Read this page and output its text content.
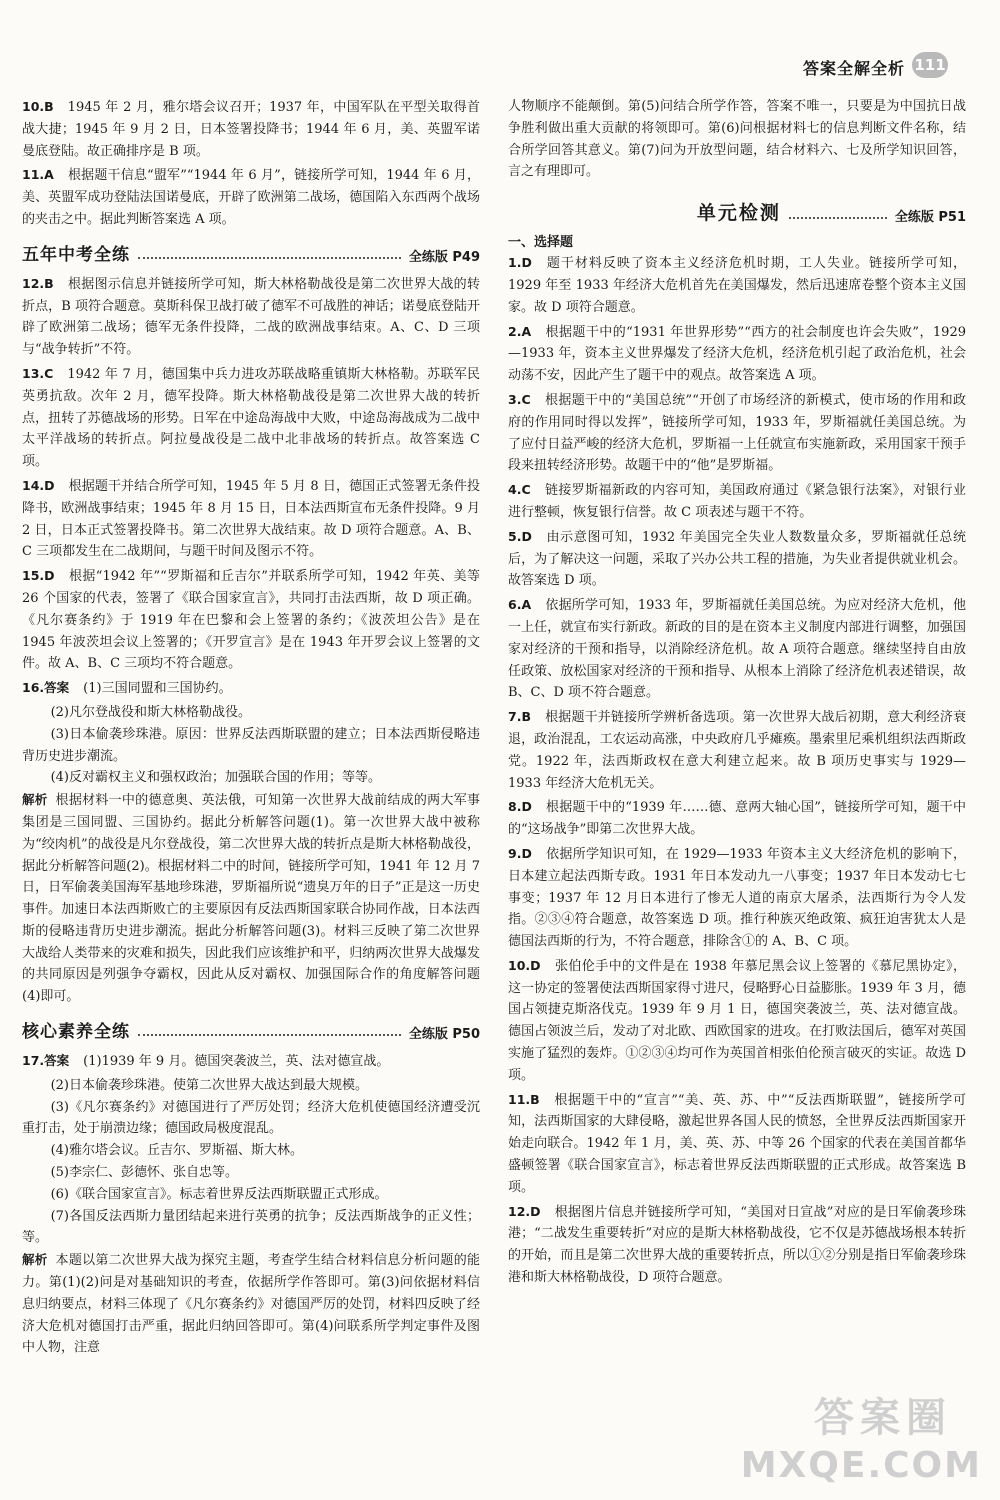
答案全解全析 111

10.B 1945 年 2 月，雅尔塔会议召开；1937 年，中国军队在平型关取得首战大捷；1945 年 9 月 2 日，日本签署投降书；1944 年 6 月，美、英盟军诺曼底登陆。故正确排序是 B 项。

11.A 根据题干信息“盟军”“1944 年 6 月”，链接所学可知，1944 年 6 月，美、英盟军成功登陆法国诺曼底，开辟了欧洲第二战场，德国陷入东西两个战场的夹击之中。据此判断答案选 A 项。

五年中考全练	全练版 P49

12.B 根据图示信息并链接所学可知，斯大林格勒战役是第二次世界大战的转折点，B 项符合题意。莫斯科保卫战打破了德军不可战胜的神话；诺曼底登陆开辟了欧洲第二战场；德军无条件投降，二战的欧洲战事结束。A、C、D 三项与“战争转折”不符。

13.C 1942 年 7 月，德国集中兵力进攻苏联战略重镇斯大林格勒。苏联军民英勇抗敌。次年 2 月，德军投降。斯大林格勒战役是第二次世界大战的转折点，扭转了苏德战场的形势。日军在中途岛海战中大败，中途岛海战成为二战中太平洋战场的转折点。阿拉曼战役是二战中北非战场的转折点。故答案选 C 项。

14.D 根据题干并结合所学可知，1945 年 5 月 8 日，德国正式签署无条件投降书，欧洲战事结束；1945 年 8 月 15 日，日本法西斯宣布无条件投降。9 月 2 日，日本正式签署投降书。第二次世界大战结束。故 D 项符合题意。A、B、C 三项都发生在二战期间，与题干时间及图示不符。

15.D 根据“1942 年”“罗斯福和丘吉尔”并联系所学可知，1942 年英、美等 26 个国家的代表，签署了《联合国家宣言》，共同打击法西斯，故 D 项正确。《凡尔赛条约》于 1919 年在巴黎和会上签署的条约；《波茨坦公告》是在 1945 年波茨坦会议上签署的；《开罗宣言》是在 1943 年开罗会议上签署的文件。故 A、B、C 三项均不符合题意。

16.答案 (1)三国同盟和三国协约。

(2)凡尔登战役和斯大林格勒战役。

(3)日本偷袭珍珠港。原因：世界反法西斯联盟的建立；日本法西斯侵略违背历史进步潮流。

(4)反对霸权主义和强权政治；加强联合国的作用；等等。

解析 根据材料一中的德意奥、英法俄，可知第一次世界大战前结成的两大军事集团是三国同盟、三国协约。据此分析解答问题(1)。第一次世界大战中被称为“绞肉机”的战役是凡尔登战役，第二次世界大战的转折点是斯大林格勒战役，据此分析解答问题(2)。根据材料二中的时间，链接所学可知，1941 年 12 月 7 日，日军偷袭美国海军基地珍珠港，罗斯福所说“遗臭万年的日子”正是这一历史事件。加速日本法西斯败亡的主要原因有反法西斯国家联合协同作战，日本法西斯的侵略违背历史进步潮流。据此分析解答问题(3)。材料三反映了第二次世界大战给人类带来的灾难和损失，因此我们应该维护和平，归纳两次世界大战爆发的共同原因是列强争夺霸权，因此从反对霸权、加强国际合作的角度解答问题(4)即可。

核心素养全练	全练版 P50

17.答案 (1)1939 年 9 月。德国突袭波兰，英、法对德宣战。

(2)日本偷袭珍珠港。使第二次世界大战达到最大规模。

(3)《凡尔赛条约》对德国进行了严厉处罚；经济大危机使德国经济遭受沉重打击，处于崩溃边缘；德国政局极度混乱。

(4)雅尔塔会议。丘吉尔、罗斯福、斯大林。

(5)李宗仁、彭德怀、张自忠等。

(6)《联合国家宣言》。标志着世界反法西斯联盟正式形成。

(7)各国反法西斯力量团结起来进行英勇的抗争；反法西斯战争的正义性；等。

解析 本题以第二次世界大战为探究主题，考查学生结合材料信息分析问题的能力。第(1)(2)问是对基础知识的考查，依据所学作答即可。第(3)问依据材料信息归纳要点，材料三体现了《凡尔赛条约》对德国严厉的处罚，材料四反映了经济大危机对德国打击严重，据此归纳回答即可。第(4)问联系所学判定事件及图中人物，注意

人物顺序不能颠倒。第(5)问结合所学作答，答案不唯一，只要是为中国抗日战争胜利做出重大贡献的将领即可。第(6)问根据材料七的信息判断文件名称，结合所学回答其意义。第(7)问为开放型问题，结合材料六、七及所学知识回答，言之有理即可。

单元检测	全练版 P51
一、选择题

1.D 题干材料反映了资本主义经济危机时期，工人失业。链接所学可知，1929 年至 1933 年经济大危机首先在美国爆发，然后迅速席卷整个资本主义国家。故 D 项符合题意。

2.A 根据题干中的“1931 年世界形势”“西方的社会制度也许会失败”，1929—1933 年，资本主义世界爆发了经济大危机，经济危机引起了政治危机，社会动荡不安，因此产生了题干中的观点。故答案选 A 项。

3.C 根据题干中的“美国总统”“开创了市场经济的新模式，使市场的作用和政府的作用同时得以发挥”，链接所学可知，1933 年，罗斯福就任美国总统。为了应付日益严峻的经济大危机，罗斯福一上任就宣布实施新政，采用国家干预手段来扭转经济形势。故题干中的“他”是罗斯福。

4.C 链接罗斯福新政的内容可知，美国政府通过《紧急银行法案》，对银行业进行整顿，恢复银行信誉。故 C 项表述与题干不符。

5.D 由示意图可知，1932 年美国完全失业人数数量众多，罗斯福就任总统后，为了解决这一问题，采取了兴办公共工程的措施，为失业者提供就业机会。故答案选 D 项。

6.A 依据所学可知，1933 年，罗斯福就任美国总统。为应对经济大危机，他一上任，就宣布实行新政。新政的目的是在资本主义制度内部进行调整，加强国家对经济的干预和指导，以消除经济危机。故 A 项符合题意。继续坚持自由放任政策、放松国家对经济的干预和指导、从根本上消除了经济危机表述错误，故 B、C、D 项不符合题意。

7.B 根据题干并链接所学辨析备选项。第一次世界大战后初期，意大利经济衰退，政治混乱，工农运动高涨，中央政府几乎瘫痪。墨索里尼乘机组织法西斯政党。1922 年，法西斯政权在意大利建立起来。故 B 项历史事实与 1929—1933 年经济大危机无关。

8.D 根据题干中的“1939 年……德、意两大轴心国”，链接所学可知，题干中的“这场战争”即第二次世界大战。

9.D 依据所学知识可知，在 1929—1933 年资本主义大经济危机的影响下，日本建立起法西斯专政。1931 年日本发动九一八事变；1937 年日本发动七七事变；1937 年 12 月日本进行了惨无人道的南京大屠杀，法西斯行为令人发指。②③④符合题意，故答案选 D 项。推行种族灭绝政策、疯狂迫害犹太人是德国法西斯的行为，不符合题意，排除含①的 A、B、C 项。

10.D 张伯伦手中的文件是在 1938 年慕尼黑会议上签署的《慕尼黑协定》，这一协定的签署使法西斯国家得寸进尺，侵略野心日益膨胀。1939 年 3 月，德国占领捷克斯洛伐克。1939 年 9 月 1 日，德国突袭波兰，英、法对德宣战。德国占领波兰后，发动了对北欧、西欧国家的进攻。在打败法国后，德军对英国实施了猛烈的轰炸。①②③④均可作为英国首相张伯伦预言破灭的实证。故选 D 项。

11.B 根据题干中的“宣言”“美、英、苏、中”“反法西斯联盟”，链接所学可知，法西斯国家的大肆侵略，激起世界各国人民的愤怒，全世界反法西斯国家开始走向联合。1942 年 1 月，美、英、苏、中等 26 个国家的代表在美国首都华盛顿签署《联合国家宣言》，标志着世界反法西斯联盟的正式形成。故答案选 B 项。

12.D 根据图片信息并链接所学可知，“美国对日宣战”对应的是日军偷袭珍珠港；“二战发生重要转折”对应的是斯大林格勒战役，它不仅是苏德战场根本转折的开始，而且是第二次世界大战的重要转折点，所以①②分别是指日军偷袭珍珠港和斯大林格勒战役，D 项符合题意。

答案圈
MXQE.COM
